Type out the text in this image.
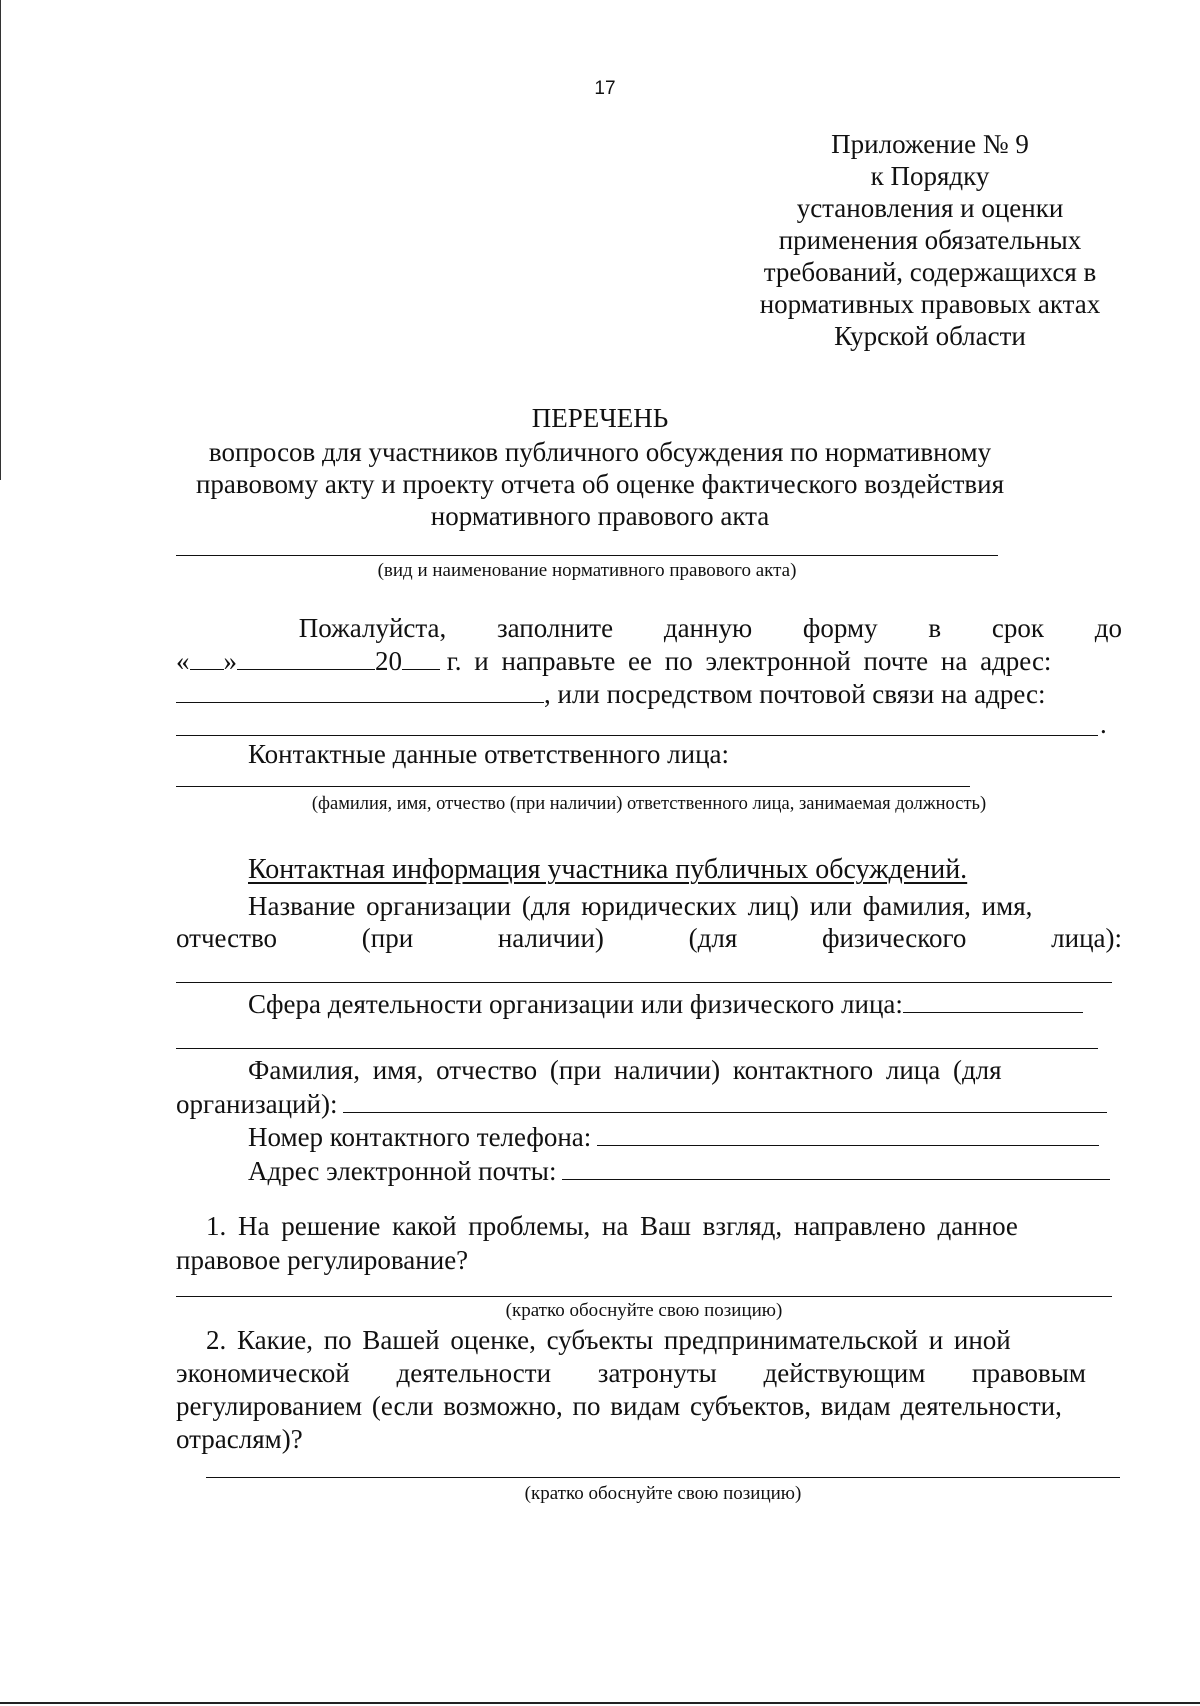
17
Приложение № 9
к Порядку
установления и оценки
применения обязательных
требований, содержащихся в
нормативных правовых актах
Курской области
ПЕРЕЧЕНЬ
вопросов для участников публичного обсуждения по нормативному
правовому акту и проекту отчета об оценке фактического воздействия
нормативного правового акта
(вид и наименование нормативного правового акта)
Пожалуйста, заполните данную форму в срок до
« »	20 г. и направьте ее по электронной почте на адрес:
, или посредством почтовой связи на адрес:
.
Контактные данные ответственного лица:
(фамилия, имя, отчество (при наличии) ответственного лица, занимаемая должность)
Контактная информация участника публичных обсуждений.
Название организации (для юридических лиц) или фамилия, имя,
отчество	(при	наличии)	(для	физического	лица):
Сфера деятельности организации или физического лица:
Фамилия, имя, отчество (при наличии) контактного лица (для
организаций):
Номер контактного телефона:
Адрес электронной почты:
1. На решение какой проблемы, на Ваш взгляд, направлено данное
правовое регулирование?
(кратко обоснуйте свою позицию)
2. Какие, по Вашей оценке, субъекты предпринимательской и иной
экономической деятельности затронуты действующим правовым
регулированием (если возможно, по видам субъектов, видам деятельности,
отраслям)?
(кратко обоснуйте свою позицию)
